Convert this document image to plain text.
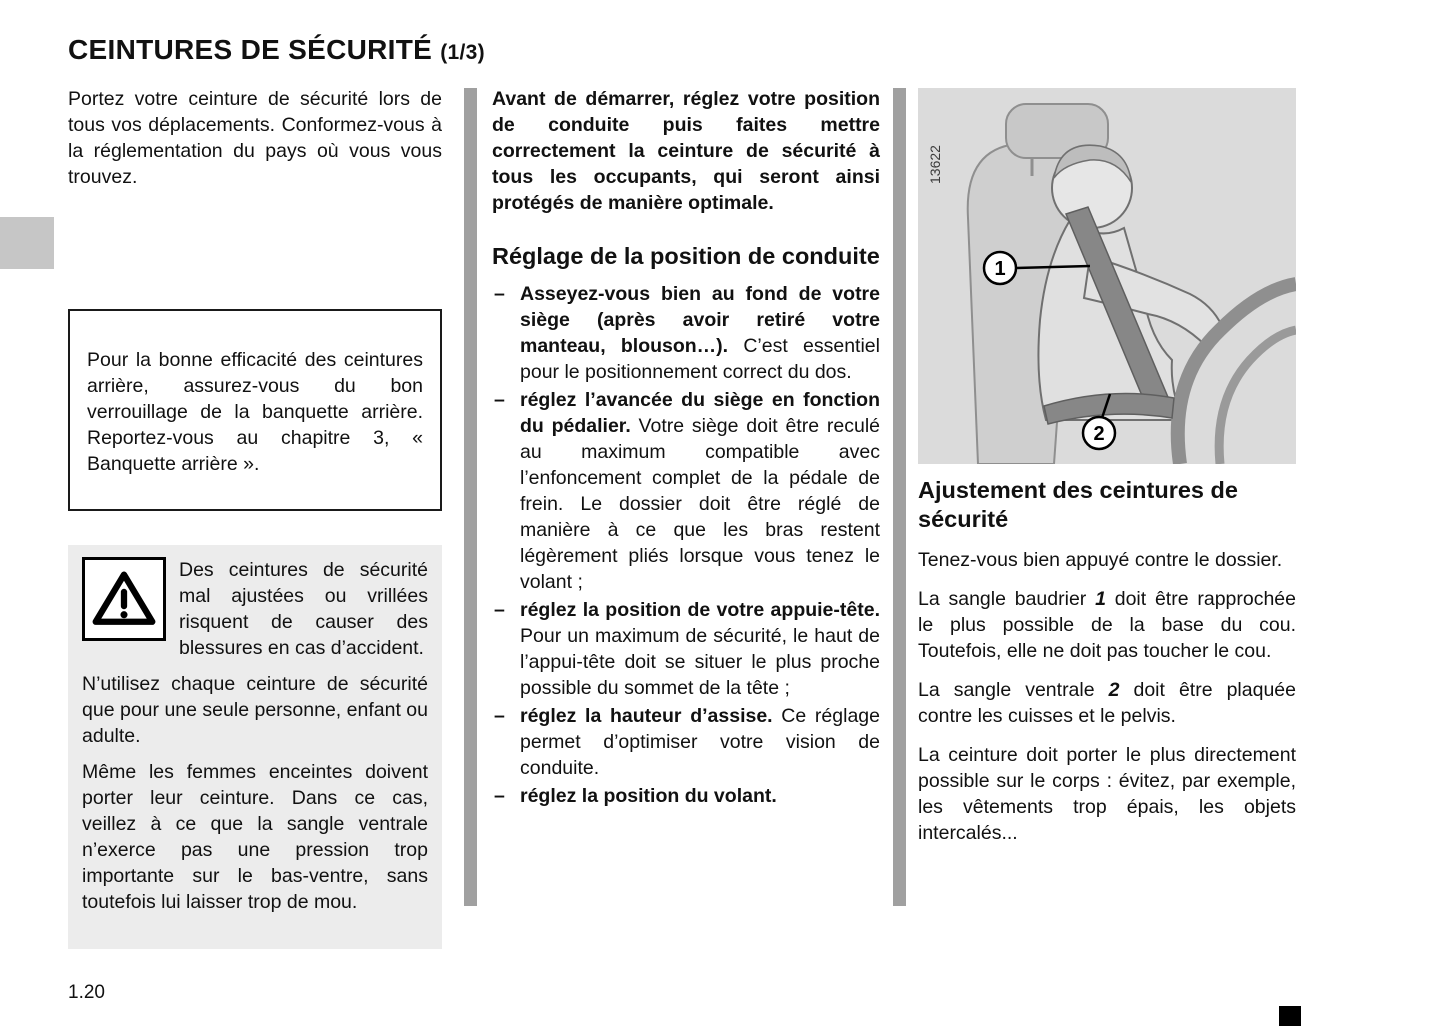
CEINTURES DE SÉCURITÉ (1/3)

Portez votre ceinture de sécurité lors de tous vos déplacements. Conformez-vous à la réglementation du pays où vous vous trouvez.

Pour la bonne efficacité des ceintures arrière, assurez-vous du bon verrouillage de la banquette arrière. Reportez-vous au chapitre 3, « Banquette arrière ».

Des ceintures de sécurité mal ajustées ou vrillées risquent de causer des blessures en cas d’accident.

N’utilisez chaque ceinture de sécurité que pour une seule personne, enfant ou adulte.

Même les femmes enceintes doivent porter leur ceinture. Dans ce cas, veillez à ce que la sangle ventrale n’exerce pas une pression trop importante sur le bas-ventre, sans toutefois lui laisser trop de mou.

1.20

Avant de démarrer, réglez votre position de conduite puis faites mettre correctement la ceinture de sécurité à tous les occupants, qui seront ainsi protégés de manière optimale.

Réglage de la position de conduite
– Asseyez-vous bien au fond de votre siège (après avoir retiré votre manteau, blouson…). C’est essentiel pour le positionnement correct du dos.
– réglez l’avancée du siège en fonction du pédalier. Votre siège doit être reculé au maximum compatible avec l’enfoncement complet de la pédale de frein. Le dossier doit être réglé de manière à ce que les bras restent légèrement pliés lorsque vous tenez le volant ;
– réglez la position de votre appuie-tête. Pour un maximum de sécurité, le haut de l’appui-tête doit se situer le plus proche possible du sommet de la tête ;
– réglez la hauteur d’assise. Ce réglage permet d’optimiser votre vision de conduite.
– réglez la position du volant.
1
2
13622
Ajustement des ceintures de sécurité

Tenez-vous bien appuyé contre le dossier.

La sangle baudrier 1 doit être rapprochée le plus possible de la base du cou. Toutefois, elle ne doit pas toucher le cou.

La sangle ventrale 2 doit être plaquée contre les cuisses et le pelvis.

La ceinture doit porter le plus directement possible sur le corps : évitez, par exemple, les vêtements trop épais, les objets intercalés...
